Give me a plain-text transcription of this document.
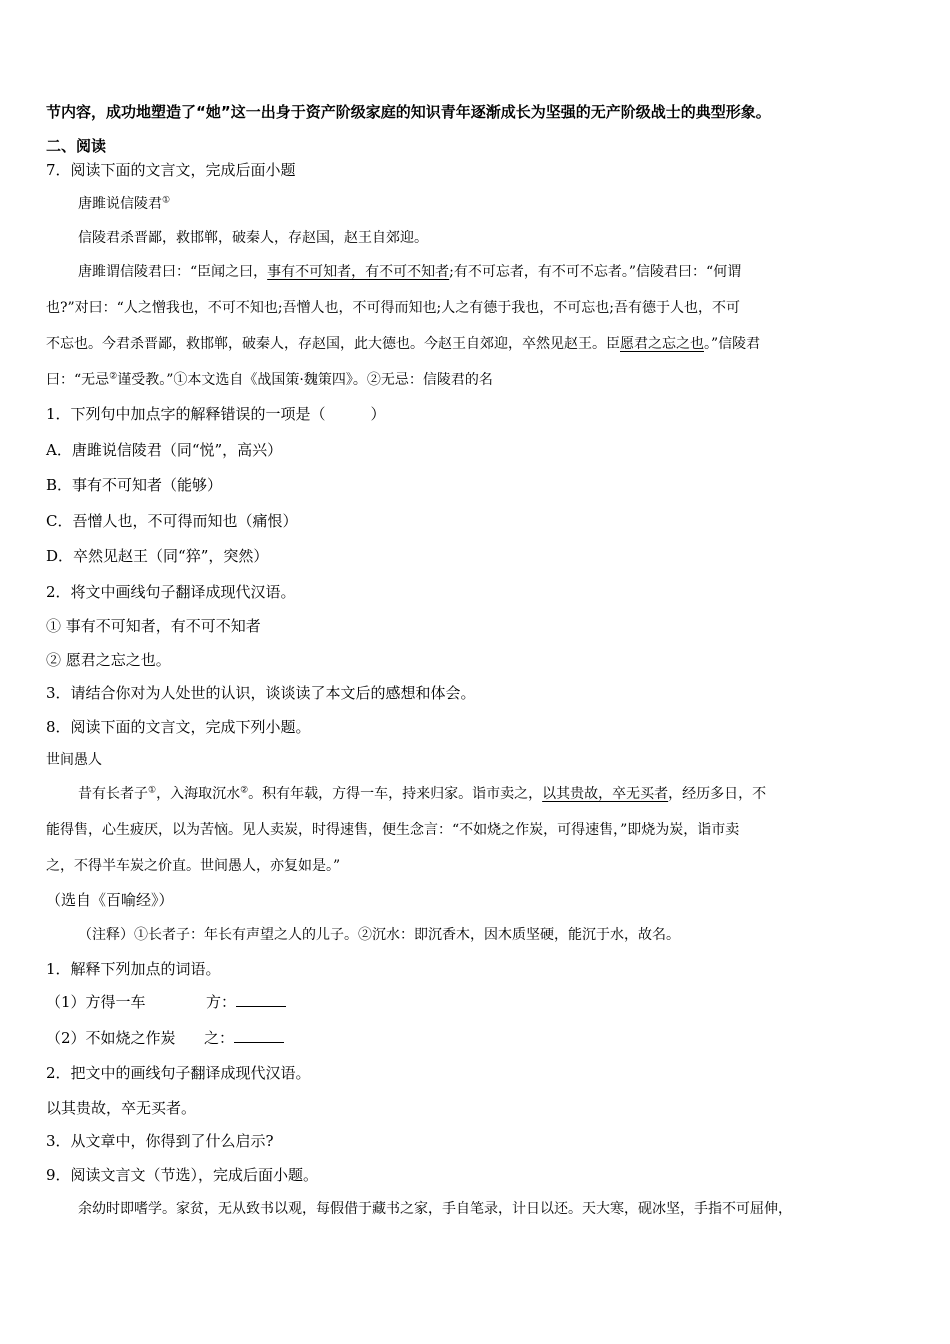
节内容，成功地塑造了“她”这一出身于资产阶级家庭的知识青年逐渐成长为坚强的无产阶级战士的典型形象。
二、阅读
7．阅读下面的文言文，完成后面小题
唐雎说信陵君①
信陵君杀晋鄙，救邯郸，破秦人，存赵国，赵王自郊迎。
唐雎谓信陵君曰：“臣闻之曰，事有不可知者，有不可不知者;有不可忘者，有不可不忘者。”信陵君曰：“何谓
也?”对曰：“人之憎我也，不可不知也;吾憎人也，不可得而知也;人之有德于我也，不可忘也;吾有德于人也，不可
不忘也。今君杀晋鄙，救邯郸，破秦人，存赵国，此大德也。今赵王自郊迎，卒然见赵王。臣愿君之忘之也。”信陵君
曰：“无忌②谨受教。”①本文选自《战国策·魏策四》。②无忌：信陵君的名
1．下列句中加点字的解释错误的一项是（　　　）
A．唐雎说信陵君（同“悦”，高兴）
B．事有不可知者（能够）
C．吾憎人也，不可得而知也（痛恨）
D．卒然见赵王（同“猝”，突然）
2．将文中画线句子翻译成现代汉语。
① 事有不可知者，有不可不知者
② 愿君之忘之也。
3．请结合你对为人处世的认识，谈谈读了本文后的感想和体会。
8．阅读下面的文言文，完成下列小题。
世间愚人
昔有长者子①，入海取沉水②。积有年载，方得一车，持来归家。诣市卖之，以其贵故，卒无买者，经历多日，不
能得售，心生疲厌，以为苦恼。见人卖炭，时得速售，便生念言：“不如烧之作炭，可得速售，”即烧为炭，诣市卖
之，不得半车炭之价直。世间愚人，亦复如是。”
（选自《百喻经》）
（注释）①长者子：年长有声望之人的儿子。②沉水：即沉香木，因木质坚硬，能沉于水，故名。
1．解释下列加点的词语。
（1）方得一车	方：
（2）不如烧之作炭 之：
2．把文中的画线句子翻译成现代汉语。
以其贵故，卒无买者。
3．从文章中，你得到了什么启示?
9．阅读文言文（节选），完成后面小题。
余幼时即嗜学。家贫，无从致书以观，每假借于藏书之家，手自笔录，计日以还。天大寒，砚冰坚，手指不可屈伸，
